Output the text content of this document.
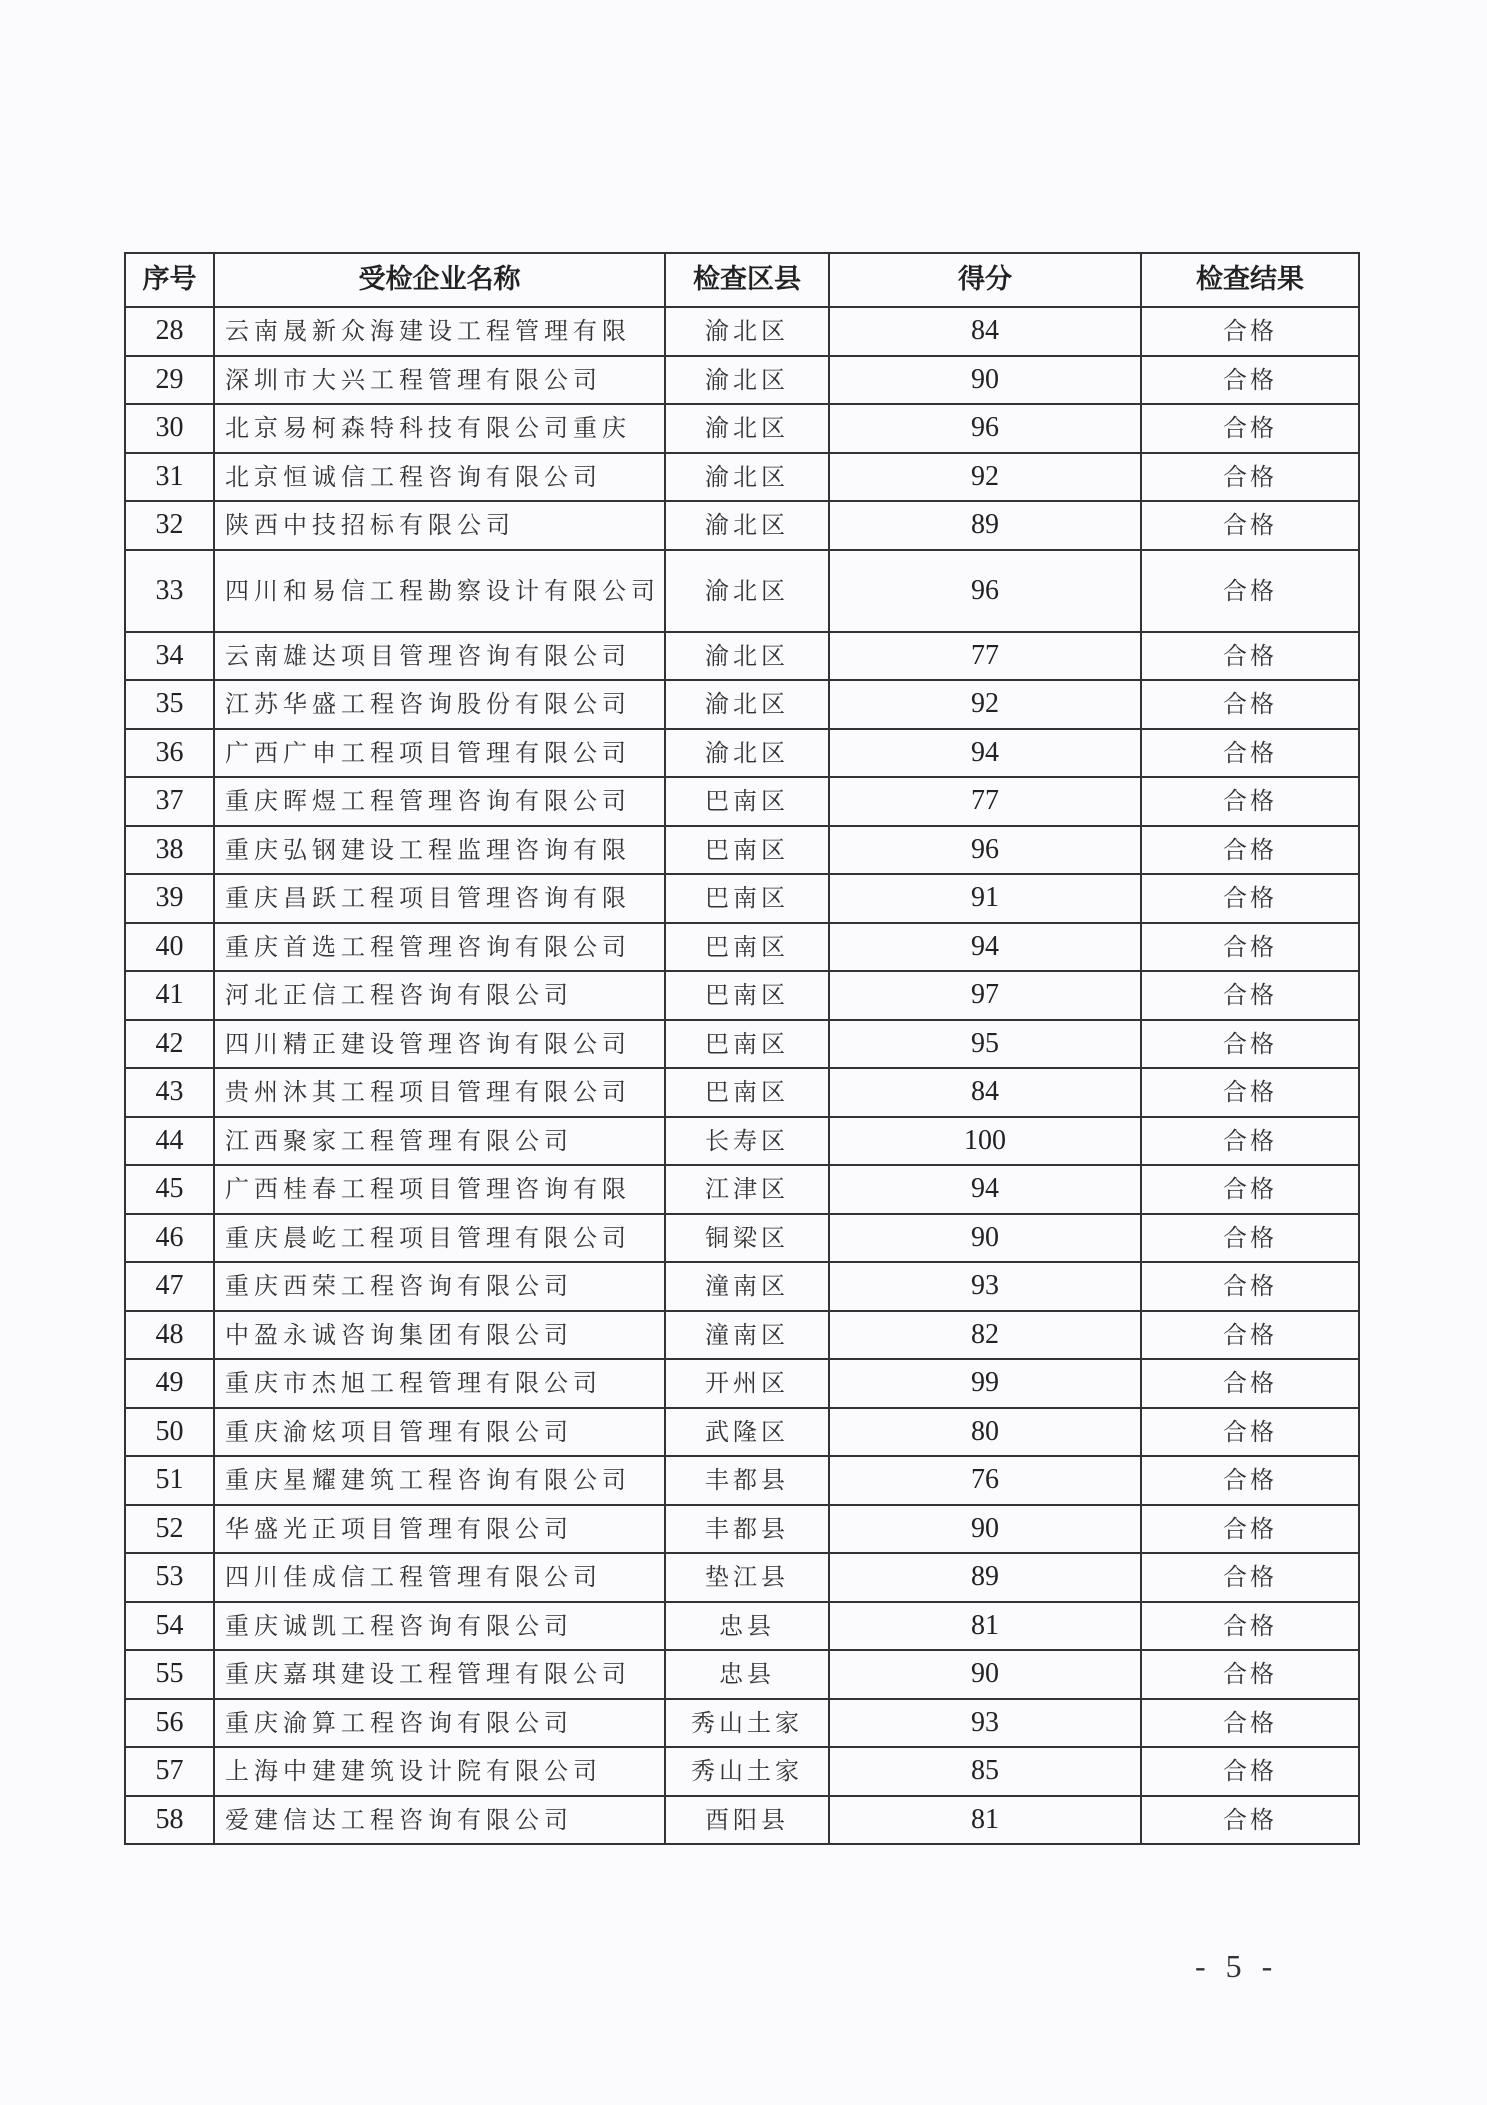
序号	受检企业名称	检查区县	得分	检查结果
28	云南晟新众海建设工程管理有限	渝北区	84	合格
29	深圳市大兴工程管理有限公司	渝北区	90	合格
30	北京易柯森特科技有限公司重庆	渝北区	96	合格
31	北京恒诚信工程咨询有限公司	渝北区	92	合格
32	陕西中技招标有限公司	渝北区	89	合格
33	四川和易信工程勘察设计有限公司	渝北区	96	合格
34	云南雄达项目管理咨询有限公司	渝北区	77	合格
35	江苏华盛工程咨询股份有限公司	渝北区	92	合格
36	广西广申工程项目管理有限公司	渝北区	94	合格
37	重庆晖煜工程管理咨询有限公司	巴南区	77	合格
38	重庆弘钢建设工程监理咨询有限	巴南区	96	合格
39	重庆昌跃工程项目管理咨询有限	巴南区	91	合格
40	重庆首选工程管理咨询有限公司	巴南区	94	合格
41	河北正信工程咨询有限公司	巴南区	97	合格
42	四川精正建设管理咨询有限公司	巴南区	95	合格
43	贵州沐其工程项目管理有限公司	巴南区	84	合格
44	江西聚家工程管理有限公司	长寿区	100	合格
45	广西桂春工程项目管理咨询有限	江津区	94	合格
46	重庆晨屹工程项目管理有限公司	铜梁区	90	合格
47	重庆西荣工程咨询有限公司	潼南区	93	合格
48	中盈永诚咨询集团有限公司	潼南区	82	合格
49	重庆市杰旭工程管理有限公司	开州区	99	合格
50	重庆渝炫项目管理有限公司	武隆区	80	合格
51	重庆星耀建筑工程咨询有限公司	丰都县	76	合格
52	华盛光正项目管理有限公司	丰都县	90	合格
53	四川佳成信工程管理有限公司	垫江县	89	合格
54	重庆诚凯工程咨询有限公司	忠县	81	合格
55	重庆嘉琪建设工程管理有限公司	忠县	90	合格
56	重庆渝算工程咨询有限公司	秀山土家	93	合格
57	上海中建建筑设计院有限公司	秀山土家	85	合格
58	爱建信达工程咨询有限公司	酉阳县	81	合格
- 5 -
